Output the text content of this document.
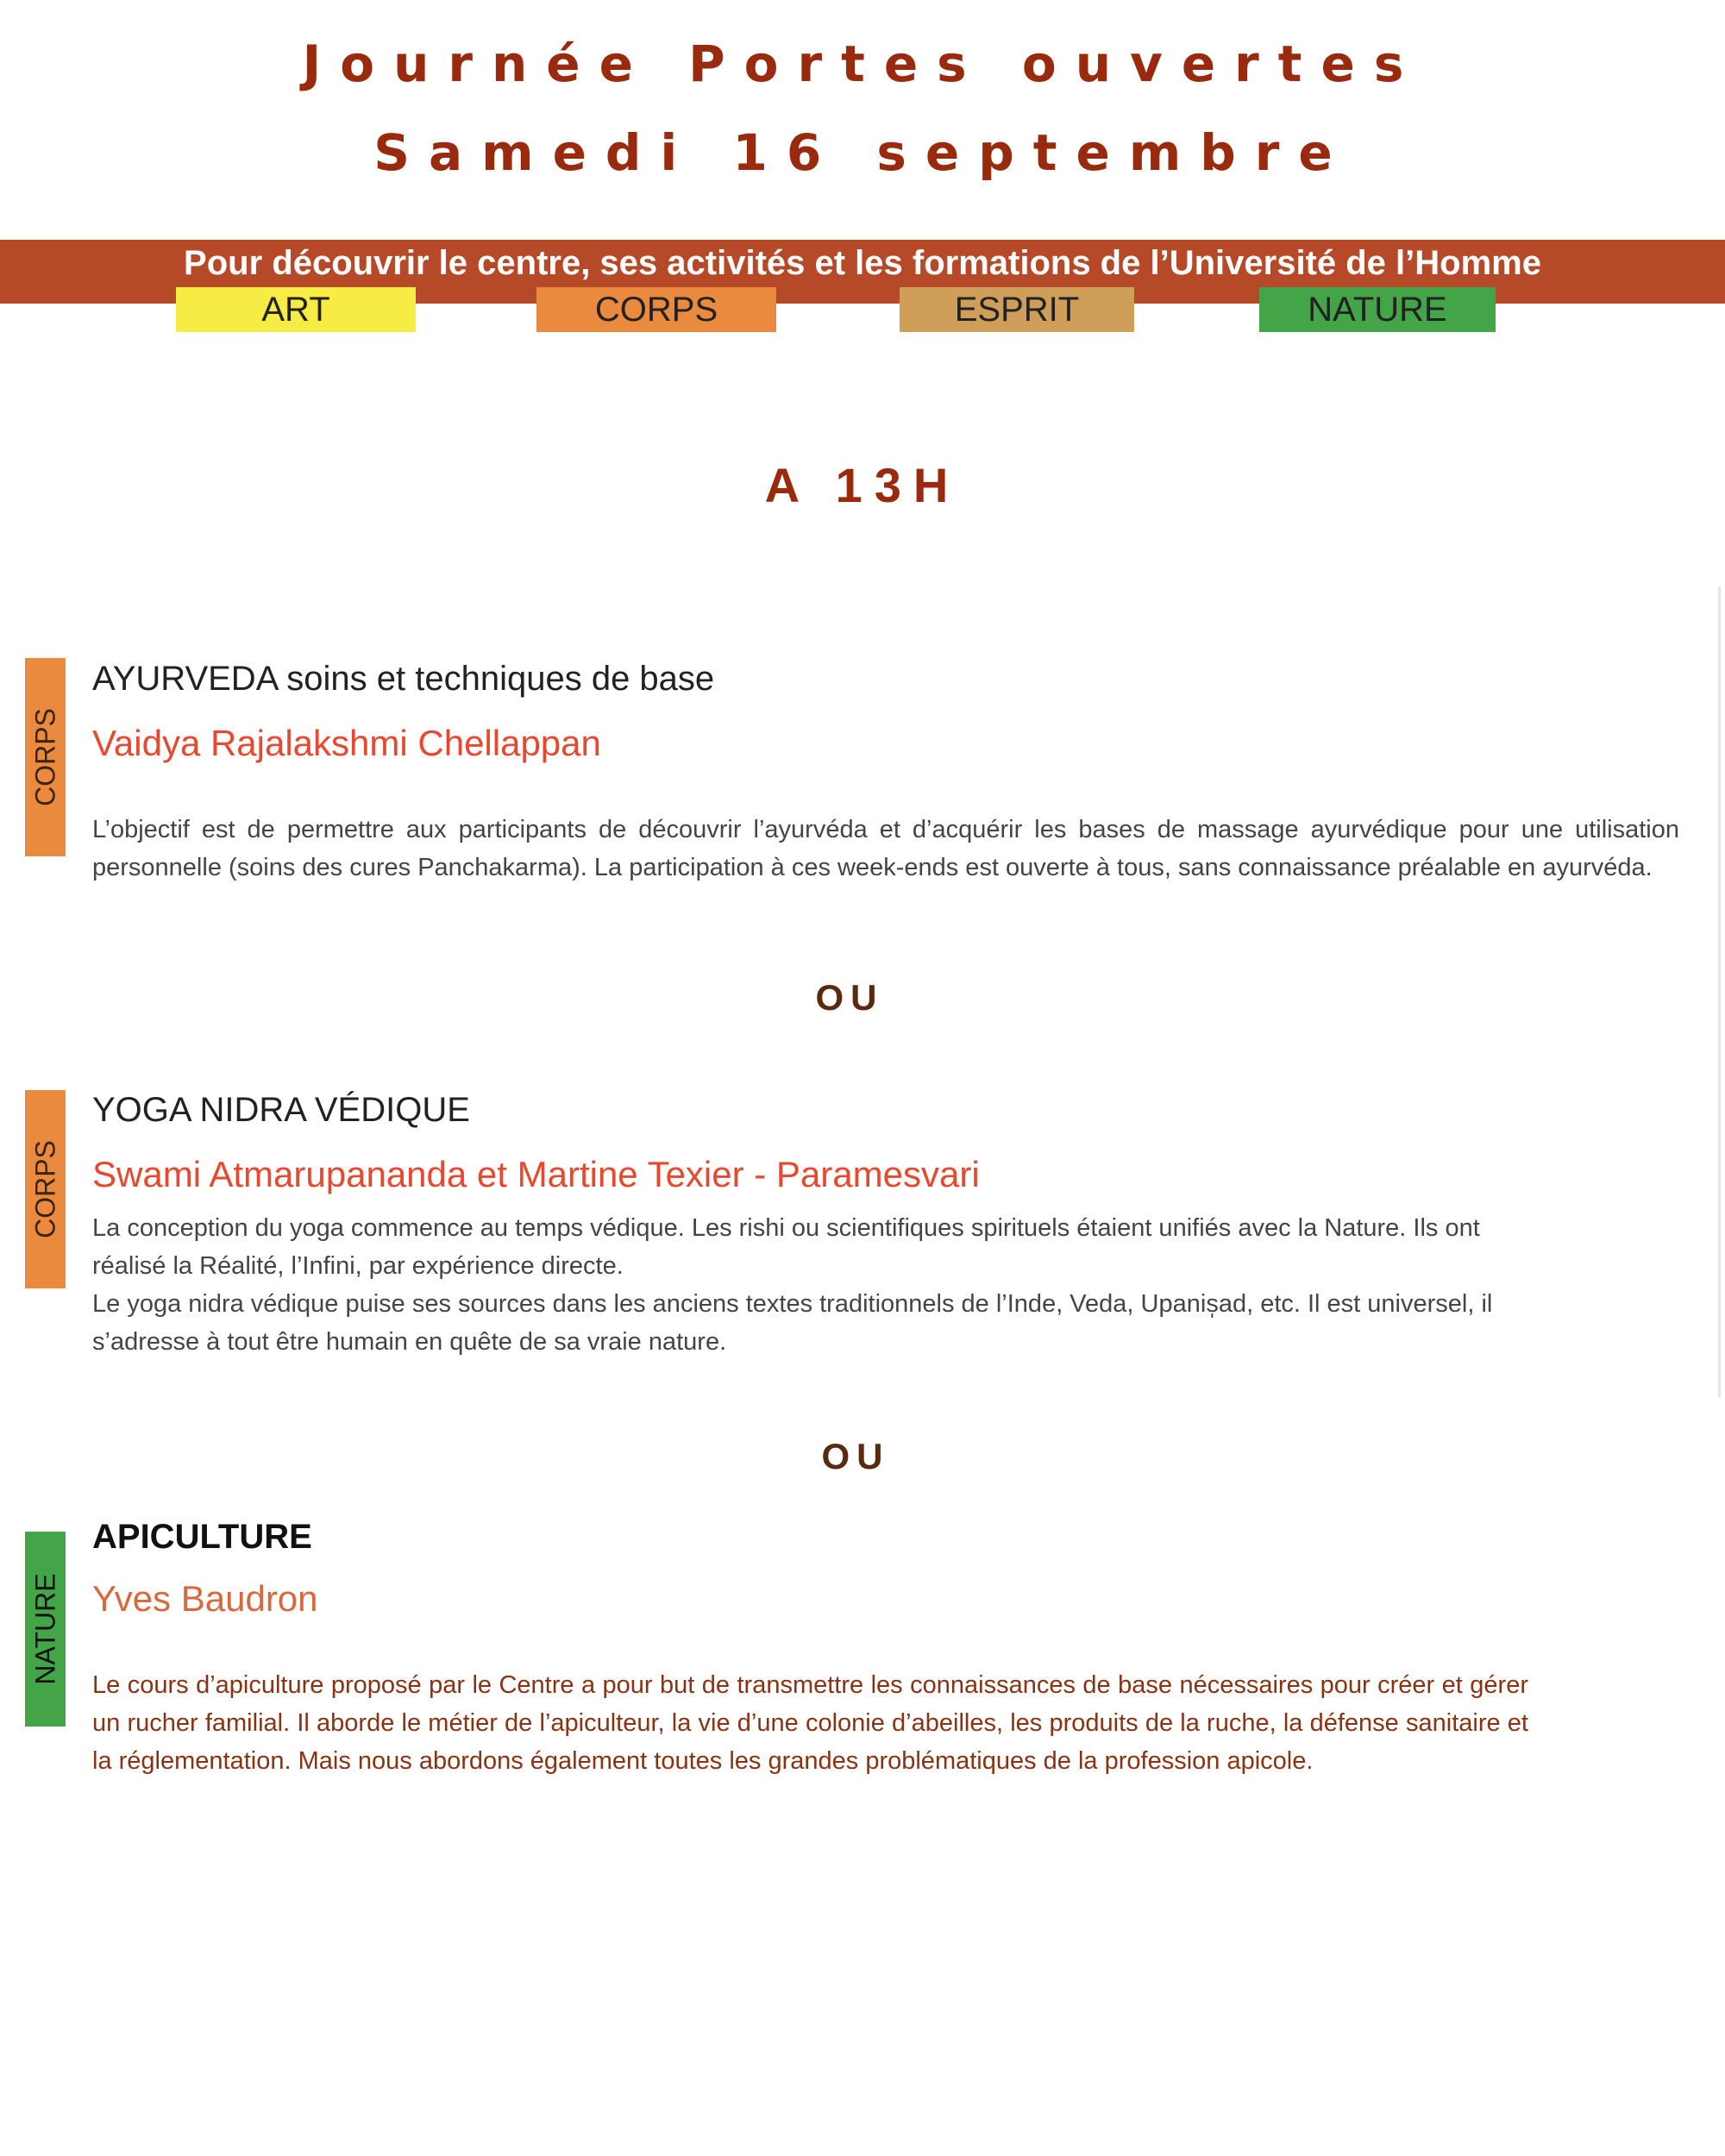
Journée Portes ouvertes
Samedi 16 septembre
Pour découvrir le centre, ses activités et les formations de l’Université de l’Homme
ART	CORPS	ESPRIT	NATURE
A 13H
CORPS
AYURVEDA soins et techniques de base
Vaidya Rajalakshmi Chellappan
L’objectif est de permettre aux participants de découvrir l’ayurvéda et d’acquérir les bases de massage ayurvédique pour une utilisation personnelle (soins des cures Panchakarma). La participation à ces week-ends est ouverte à tous, sans connaissance préalable en ayurvéda.
OU
CORPS
YOGA NIDRA VÉDIQUE
Swami Atmarupananda et Martine Texier - Paramesvari
La conception du yoga commence au temps védique. Les rishi ou scientifiques spirituels étaient unifiés avec la Nature. Ils ont réalisé la Réalité, l’Infini, par expérience directe.
Le yoga nidra védique puise ses sources dans les anciens textes traditionnels de l’Inde, Veda, Upanis̩ad, etc. Il est universel, il s’adresse à tout être humain en quête de sa vraie nature.
OU
NATURE
APICULTURE
Yves Baudron
Le cours d’apiculture proposé par le Centre a pour but de transmettre les connaissances de base nécessaires pour créer et gérer un rucher familial. Il aborde le métier de l’apiculteur, la vie d’une colonie d’abeilles, les produits de la ruche, la défense sanitaire et la réglementation. Mais nous abordons également toutes les grandes problématiques de la profession apicole.
